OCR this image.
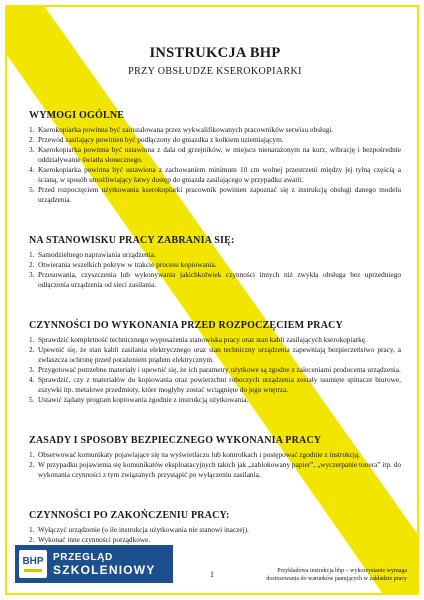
INSTRUKCJA BHP
PRZY OBSŁUDZE KSEROKOPIARKI
WYMOGI OGÓLNE
1. Kserokopiarka powinna być zainstalowana przez wykwalifikowanych pracowników serwisu obsługi.
2. Przewód zasilający powinien być podłączony do gniazdka z kołkiem uziemiającym.
3. Kserokopiarka powinna być ustawiona z dala od grzejników, w miejscu nienarażonym na kurz, wibrację i bezpośrednie oddziaływanie światła słonecznego.
4. Kserokopiarka powinna być ustawiona z zachowaniem minimum 10 cm wolnej przestrzeni między jej tylną częścią a ścianą, w sposób umożliwiający łatwy dostęp do gniazda zasilającego w przypadku awarii.
5. Przed rozpoczęciem użytkowania kserokopiarki pracownik powinien zapoznać się z instrukcją obsługi danego modelu urządzenia.
NA STANOWISKU PRACY ZABRANIA SIĘ:
1. Samodzielnego naprawiania urządzenia.
2. Otwierania wszelkich pokryw w trakcie procesu kopiowania.
3. Przesuwania, czyszczenia lub wykonywania jakichkolwiek czynności innych niż zwykła obsługa bez uprzedniego odłączenia urządzenia od sieci zasilania.
CZYNNOŚCI DO WYKONANIA PRZED ROZPOCZĘCIEM PRACY
1. Sprawdzić kompletność technicznego wyposażenia stanowiska pracy oraz stan kabli zasilających kserokopiarkę.
2. Upewnić się, że stan kabli zasilania elektrycznego oraz stan techniczny urządzenia zapewniają bezpieczeństwo pracy, a zwłaszcza ochronę przed porażeniem prądem elektrycznym.
3. Przygotować potrzebne materiały i upewnić się, że ich parametry użytkowe są zgodne z zaleceniami producenta urządzenia.
4. Sprawdzić, czy z materiałów do kopiowania oraz powierzchni roboczych urządzenia zostały usunięte spinacze biurowe, zszywki itp. metalowe przedmioty, które mogłyby zostać wciągnięte do jego wnętrza.
5. Ustawić żądany program kopiowania zgodnie z instrukcją użytkowania.
ZASADY I SPOSOBY BEZPIECZNEGO WYKONANIA PRACY
1. Obserwować komunikaty pojawiające się na wyświetlaczu lub kontrolkach i postępować zgodnie z instrukcją.
2. W przypadku pojawienia się komunikatów eksploatacyjnych takich jak „zablokowany papier”, „wyczerpanie tonera” itp. do wykonania czynności z tym związanych przystąpić po wyłączeniu zasilania.
CZYNNOŚCI PO ZAKOŃCZENIU PRACY:
1. Wyłączyć urządzenie (o ile instrukcja użytkowania nie stanowi inaczej).
2. Wykonać inne czynności porządkowe.
BHP PRZEGLĄD
SZKOLENIOWY	1	Przykładowa instrukcja bhp – wykorzystanie wymaga dostosowania do warunków panujących w zakładzie pracy
